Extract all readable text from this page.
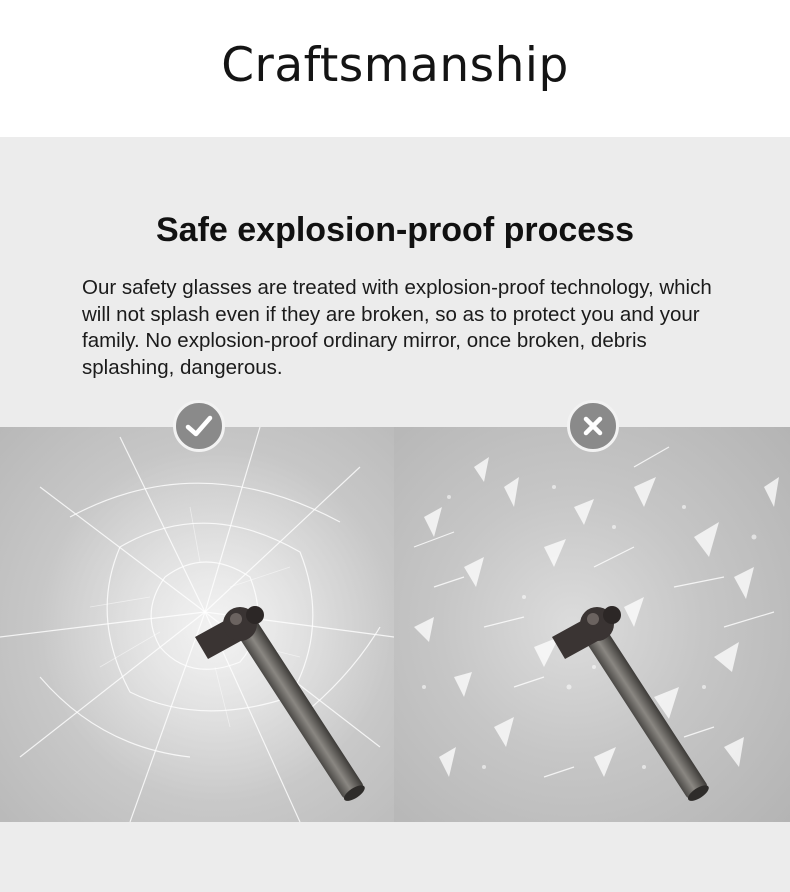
Craftsmanship
Safe explosion-proof process
Our safety glasses are treated with explosion-proof technology, which will not splash even if they are broken, so as to protect you and your family. No explosion-proof ordinary mirror, once broken, debris splashing, dangerous.
